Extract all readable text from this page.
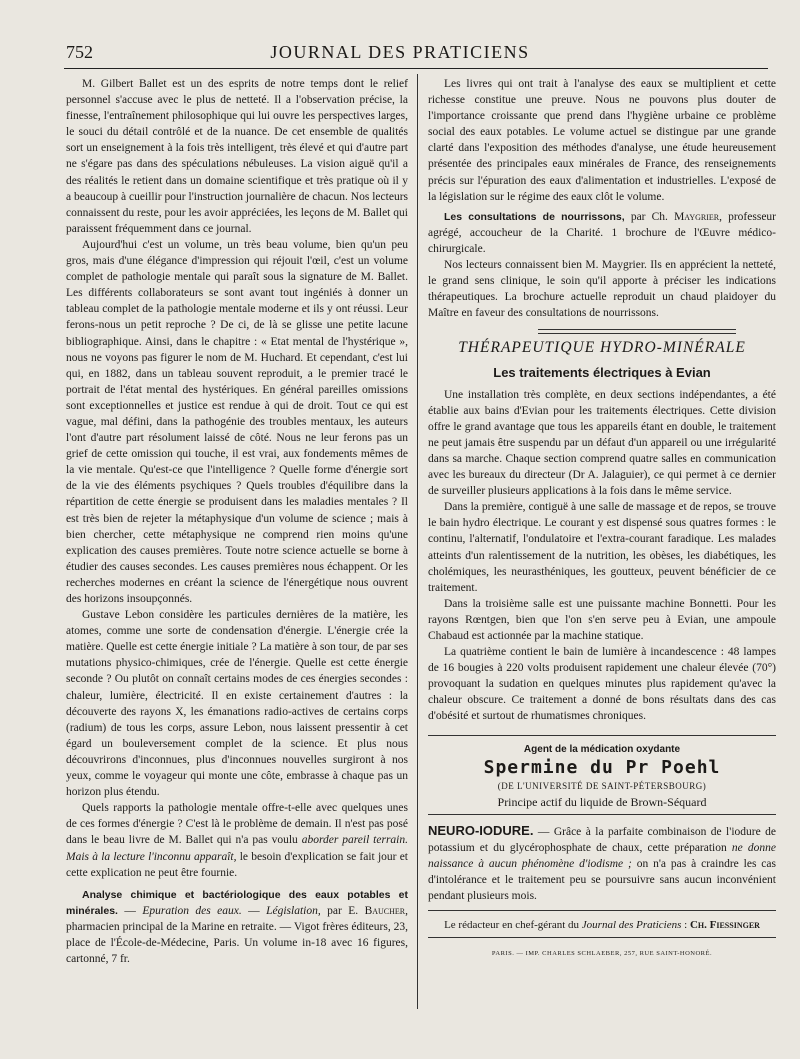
752	JOURNAL DES PRATICIENS

M. Gilbert Ballet est un des esprits de notre temps dont le relief personnel s'accuse avec le plus de netteté. Il a l'observation précise, la finesse, l'entraînement philosophique qui lui ouvre les perspectives larges, le souci du détail contrôlé et de la nuance. De cet ensemble de qualités sort un enseignement à la fois très intelligent, très élevé et qui d'autre part ne s'égare pas dans des spéculations nébuleuses. La vision aiguë qu'il a des réalités le retient dans un domaine scientifique et très pratique où il y a beaucoup à cueillir pour l'instruction journalière de chacun. Nos lecteurs connaissent du reste, pour les avoir appréciées, les leçons de M. Ballet qui paraissent fréquemment dans ce journal.

Aujourd'hui c'est un volume, un très beau volume, bien qu'un peu gros, mais d'une élégance d'impression qui réjouit l'œil, c'est un volume complet de pathologie mentale qui paraît sous la signature de M. Ballet. Les différents collaborateurs se sont avant tout ingéniés à donner un tableau complet de la pathologie mentale moderne et ils y ont réussi. Leur ferons-nous un petit reproche ? De ci, de là se glisse une petite lacune bibliographique. Ainsi, dans le chapitre : « Etat mental de l'hystérique », nous ne voyons pas figurer le nom de M. Huchard. Et cependant, c'est lui qui, en 1882, dans un tableau souvent reproduit, a le premier tracé le portrait de l'état mental des hystériques. En général pareilles omissions sont exceptionnelles et justice est rendue à qui de droit. Tout ce qui est vague, mal défini, dans la pathogénie des troubles mentaux, les auteurs l'ont d'autre part résolument laissé de côté. Nous ne leur ferons pas un grief de cette omission qui touche, il est vrai, aux fondements mêmes de la vie mentale. Qu'est-ce que l'intelligence ? Quelle forme d'énergie sort de la vie des éléments psychiques ? Quels troubles d'équilibre dans la répartition de cette énergie se produisent dans les maladies mentales ? Il est très bien de rejeter la métaphysique d'un volume de science ; mais à bien chercher, cette métaphysique ne comprend rien moins qu'une explication des causes premières. Toute notre science actuelle se borne à étudier des causes secondes. Les causes premières nous échappent. Or les recherches modernes en créant la science de l'énergétique nous ouvrent des horizons insoupçonnés.

Gustave Lebon considère les particules dernières de la matière, les atomes, comme une sorte de condensation d'énergie. L'énergie crée la matière. Quelle est cette énergie initiale ? La matière à son tour, de par ses mutations physico-chimiques, crée de l'énergie. Quelle est cette énergie seconde ? Ou plutôt on connaît certains modes de ces énergies secondes : chaleur, lumière, électricité. Il en existe certainement d'autres : la découverte des rayons X, les émanations radio-actives de certains corps (radium) de tous les corps, assure Lebon, nous laissent pressentir à cet égard un bouleversement complet de la science. Et plus nous découvrirons d'inconnues, plus d'inconnues nouvelles surgiront à nos yeux, comme le voyageur qui monte une côte, embrasse à chaque pas un horizon plus étendu.

Quels rapports la pathologie mentale offre-t-elle avec quelques unes de ces formes d'énergie ? C'est là le problème de demain. Il n'est pas posé dans le beau livre de M. Ballet qui n'a pas voulu aborder pareil terrain. Mais à la lecture l'inconnu apparaît, le besoin d'explication se fait jour et cette explication ne peut être fournie.

Analyse chimique et bactériologique des eaux potables et minérales. — Epuration des eaux. — Législation, par E. Baucher, pharmacien principal de la Marine en retraite. — Vigot frères éditeurs, 23, place de l'École-de-Médecine, Paris. Un volume in-18 avec 16 figures, cartonné, 7 fr.

Les livres qui ont trait à l'analyse des eaux se multiplient et cette richesse constitue une preuve. Nous ne pouvons plus douter de l'importance croissante que prend dans l'hygiène urbaine ce problème social des eaux potables. Le volume actuel se distingue par une grande clarté dans l'exposition des méthodes d'analyse, une étude heureusement présentée des principales eaux minérales de France, des renseignements précis sur l'épuration des eaux d'alimentation et industrielles. L'exposé de la législation sur le régime des eaux clôt le volume.

Les consultations de nourrissons, par Ch. Maygrier, professeur agrégé, accoucheur de la Charité. 1 brochure de l'Œuvre médico-chirurgicale.

Nos lecteurs connaissent bien M. Maygrier. Ils en apprécient la netteté, le grand sens clinique, le soin qu'il apporte à préciser les indications thérapeutiques. La brochure actuelle reproduit un chaud plaidoyer du Maître en faveur des consultations de nourrissons.

THÉRAPEUTIQUE HYDRO-MINÉRALE
Les traitements électriques à Evian

Une installation très complète, en deux sections indépendantes, a été établie aux bains d'Evian pour les traitements électriques. Cette division offre le grand avantage que tous les appareils étant en double, le traitement ne peut jamais être suspendu par un défaut d'un appareil ou une irrégularité dans sa marche. Chaque section comprend quatre salles en communication avec les bureaux du directeur (Dr A. Jalaguier), ce qui permet à ce dernier de surveiller plusieurs applications à la fois dans le même service.

Dans la première, contiguë à une salle de massage et de repos, se trouve le bain hydro électrique. Le courant y est dispensé sous quatres formes : le continu, l'alternatif, l'ondulatoire et l'extra-courant faradique. Les malades atteints d'un ralentissement de la nutrition, les obèses, les diabétiques, les cholémiques, les neurasthéniques, les goutteux, peuvent bénéficier de ce traitement.

Dans la troisième salle est une puissante machine Bonnetti. Pour les rayons Rœntgen, bien que l'on s'en serve peu à Evian, une ampoule Chabaud est actionnée par la machine statique.

La quatrième contient le bain de lumière à incandescence : 48 lampes de 16 bougies à 220 volts produisent rapidement une chaleur élevée (70°) provoquant la sudation en quelques minutes plus rapidement qu'avec la chaleur obscure. Ce traitement a donné de bons résultats dans des cas d'obésité et surtout de rhumatismes chroniques.

Agent de la médication oxydante
Spermine du Pr Poehl
(DE L'UNIVERSITÉ DE SAINT-PÉTERSBOURG)
Principe actif du liquide de Brown-Séquard
NEURO-IODURE. — Grâce à la parfaite combinaison de l'iodure de potassium et du glycérophosphate de chaux, cette préparation ne donne naissance à aucun phénomène d'iodisme ; on n'a pas à craindre les cas d'intolérance et le traitement peu se poursuivre sans aucun inconvénient pendant plusieurs mois.
Le rédacteur en chef-gérant du Journal des Praticiens : Ch. Fiessinger
PARIS. — IMP. CHARLES SCHLAEBER, 257, RUE SAINT-HONORÉ.
